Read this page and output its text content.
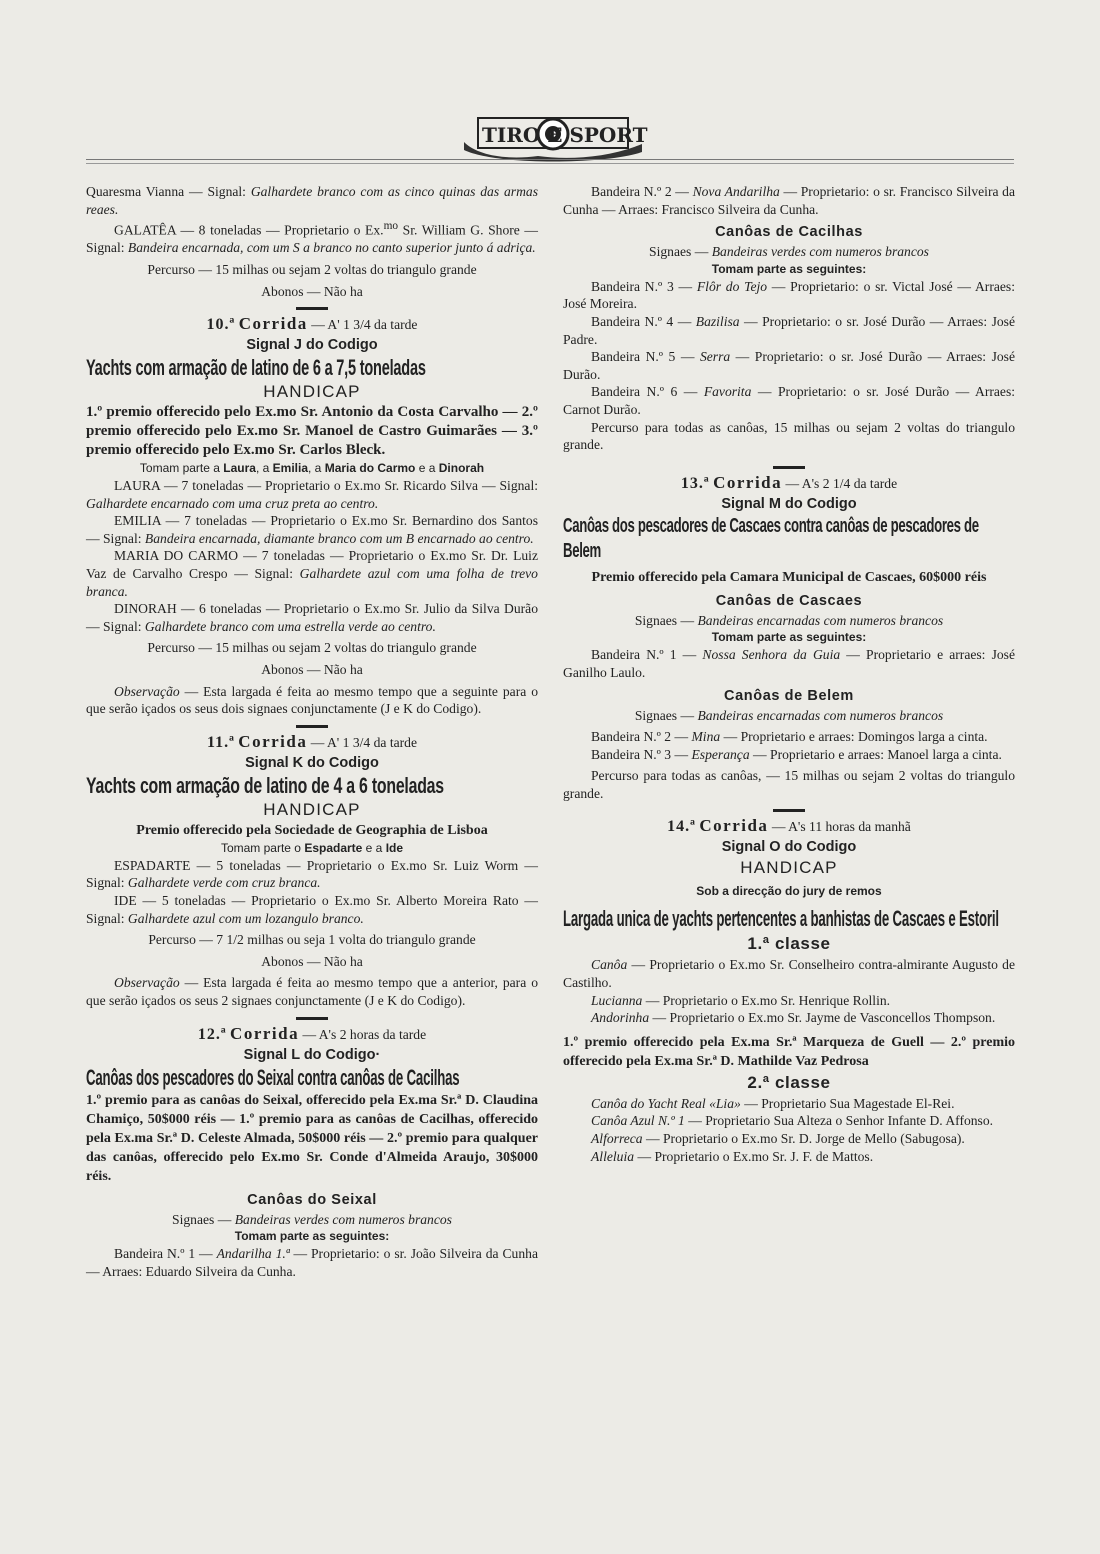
TIRO E SPORT

Quaresma Vianna — Signal: Galhardete branco com as cinco quinas das armas reaes.

GALATÊA — 8 toneladas — Proprietario o Ex.$^{mo}$ Sr. William G. Shore — Signal: Bandeira encarnada, com um S a branco no canto superior junto á adriça.

Percurso — 15 milhas ou sejam 2 voltas do triangulo grande

Abonos — Não ha

10.ª Corrida — A' 1 3/4 da tarde
Signal J do Codigo
Yachts com armação de latino de 6 a 7,5 toneladas
HANDICAP

1.º premio offerecido pelo Ex.mo Sr. Antonio da Costa Carvalho — 2.º premio offerecido pelo Ex.mo Sr. Manoel de Castro Guimarães — 3.º premio offerecido pelo Ex.mo Sr. Carlos Bleck.

Tomam parte a Laura, a Emilia, a Maria do Carmo e a Dinorah

LAURA — 7 toneladas — Proprietario o Ex.mo Sr. Ricardo Silva — Signal: Galhardete encarnado com uma cruz preta ao centro.

EMILIA — 7 toneladas — Proprietario o Ex.mo Sr. Bernardino dos Santos — Signal: Bandeira encarnada, diamante branco com um B encarnado ao centro.

MARIA DO CARMO — 7 toneladas — Proprietario o Ex.mo Sr. Dr. Luiz Vaz de Carvalho Crespo — Signal: Galhardete azul com uma folha de trevo branca.

DINORAH — 6 toneladas — Proprietario o Ex.mo Sr. Julio da Silva Durão — Signal: Galhardete branco com uma estrella verde ao centro.

Percurso — 15 milhas ou sejam 2 voltas do triangulo grande

Abonos — Não ha

Observação — Esta largada é feita ao mesmo tempo que a seguinte para o que serão içados os seus dois signaes conjunctamente (J e K do Codigo).

11.ª Corrida — A' 1 3/4 da tarde
Signal K do Codigo
Yachts com armação de latino de 4 a 6 toneladas
HANDICAP

Premio offerecido pela Sociedade de Geographia de Lisboa

Tomam parte o Espadarte e a Ide

ESPADARTE — 5 toneladas — Proprietario o Ex.mo Sr. Luiz Worm — Signal: Galhardete verde com cruz branca.

IDE — 5 toneladas — Proprietario o Ex.mo Sr. Alberto Moreira Rato — Signal: Galhardete azul com um lozangulo branco.

Percurso — 7 1/2 milhas ou seja 1 volta do triangulo grande

Abonos — Não ha

Observação — Esta largada é feita ao mesmo tempo que a anterior, para o que serão içados os seus 2 signaes conjunctamente (J e K do Codigo).

12.ª Corrida — A's 2 horas da tarde
Signal L do Codigo·
Canôas dos pescadores do Seixal contra canôas de Cacilhas

1.º premio para as canôas do Seixal, offerecido pela Ex.ma Sr.ª D. Claudina Chamiço, 50$000 réis — 1.º premio para as canôas de Cacilhas, offerecido pela Ex.ma Sr.ª D. Celeste Almada, 50$000 réis — 2.º premio para qualquer das canôas, offerecido pelo Ex.mo Sr. Conde d'Almeida Araujo, 30$000 réis.

Canôas do Seixal

Signaes — Bandeiras verdes com numeros brancos

Tomam parte as seguintes:

Bandeira N.º 1 — Andarilha 1.ª — Proprietario: o sr. João Silveira da Cunha — Arraes: Eduardo Silveira da Cunha.

Bandeira N.º 2 — Nova Andarilha — Proprietario: o sr. Francisco Silveira da Cunha — Arraes: Francisco Silveira da Cunha.

Canôas de Cacilhas

Signaes — Bandeiras verdes com numeros brancos

Tomam parte as seguintes:

Bandeira N.º 3 — Flôr do Tejo — Proprietario: o sr. Victal José — Arraes: José Moreira.

Bandeira N.º 4 — Bazilisa — Proprietario: o sr. José Durão — Arraes: José Padre.

Bandeira N.º 5 — Serra — Proprietario: o sr. José Durão — Arraes: José Durão.

Bandeira N.º 6 — Favorita — Proprietario: o sr. José Durão — Arraes: Carnot Durão.

Percurso para todas as canôas, 15 milhas ou sejam 2 voltas do triangulo grande.

13.ª Corrida — A's 2 1/4 da tarde
Signal M do Codigo
Canôas dos pescadores de Cascaes contra canôas de pescadores de Belem

Premio offerecido pela Camara Municipal de Cascaes, 60$000 réis

Canôas de Cascaes

Signaes — Bandeiras encarnadas com numeros brancos

Tomam parte as seguintes:

Bandeira N.º 1 — Nossa Senhora da Guia — Proprietario e arraes: José Ganilho Laulo.

Canôas de Belem

Signaes — Bandeiras encarnadas com numeros brancos

Bandeira N.º 2 — Mina — Proprietario e arraes: Domingos larga a cinta.

Bandeira N.º 3 — Esperança — Proprietario e arraes: Manoel larga a cinta.

Percurso para todas as canôas, — 15 milhas ou sejam 2 voltas do triangulo grande.

14.ª Corrida — A's 11 horas da manhã
Signal O do Codigo
HANDICAP
Sob a direcção do jury de remos
Largada unica de yachts pertencentes a banhistas de Cascaes e Estoril
1.ª classe

Canôa — Proprietario o Ex.mo Sr. Conselheiro contra-almirante Augusto de Castilho.

Lucianna — Proprietario o Ex.mo Sr. Henrique Rollin.

Andorinha — Proprietario o Ex.mo Sr. Jayme de Vasconcellos Thompson.

1.º premio offerecido pela Ex.ma Sr.ª Marqueza de Guell — 2.º premio offerecido pela Ex.ma Sr.ª D. Mathilde Vaz Pedrosa

2.ª classe

Canôa do Yacht Real «Lia» — Proprietario Sua Magestade El-Rei.

Canôa Azul N.º 1 — Proprietario Sua Alteza o Senhor Infante D. Affonso.

Alforreca — Proprietario o Ex.mo Sr. D. Jorge de Mello (Sabugosa).

Alleluia — Proprietario o Ex.mo Sr. J. F. de Mattos.
